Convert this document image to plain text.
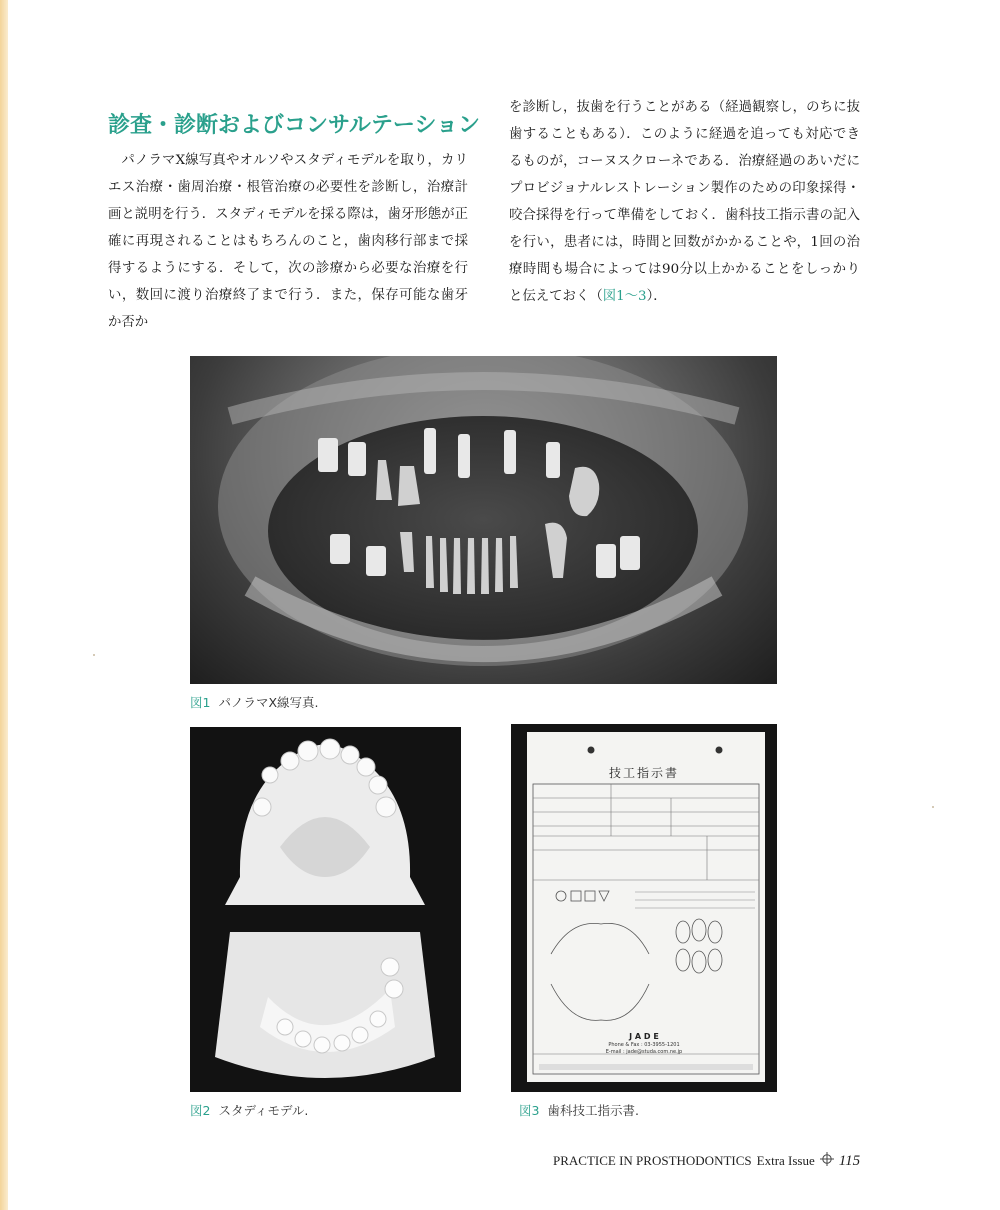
診査・診断およびコンサルテーション
パノラマX線写真やオルソやスタディモデルを取り，カリエス治療・歯周治療・根管治療の必要性を診断し，治療計画と説明を行う．スタディモデルを採る際は，歯牙形態が正確に再現されることはもちろんのこと，歯肉移行部まで採得するようにする．そして，次の診療から必要な治療を行い，数回に渡り治療終了まで行う．また，保存可能な歯牙か否か
を診断し，抜歯を行うことがある（経過観察し，のちに抜歯することもある）．このように経過を追っても対応できるものが，コーヌスクローネである．治療経過のあいだにプロビジョナルレストレーション製作のための印象採得・咬合採得を行って準備をしておく．歯科技工指示書の記入を行い，患者には，時間と回数がかかることや，1回の治療時間も場合によっては90分以上かかることをしっかりと伝えておく（図1〜3）．
図1 パノラマX線写真.
図2 スタディモデル.
技工指示書
J A D E
Phone & Fax : 03-3955-1201
E-mail : jade@studa.com.ne.jp
図3 歯科技工指示書.
PRACTICE IN PROSTHODONTICS Extra Issue 115
